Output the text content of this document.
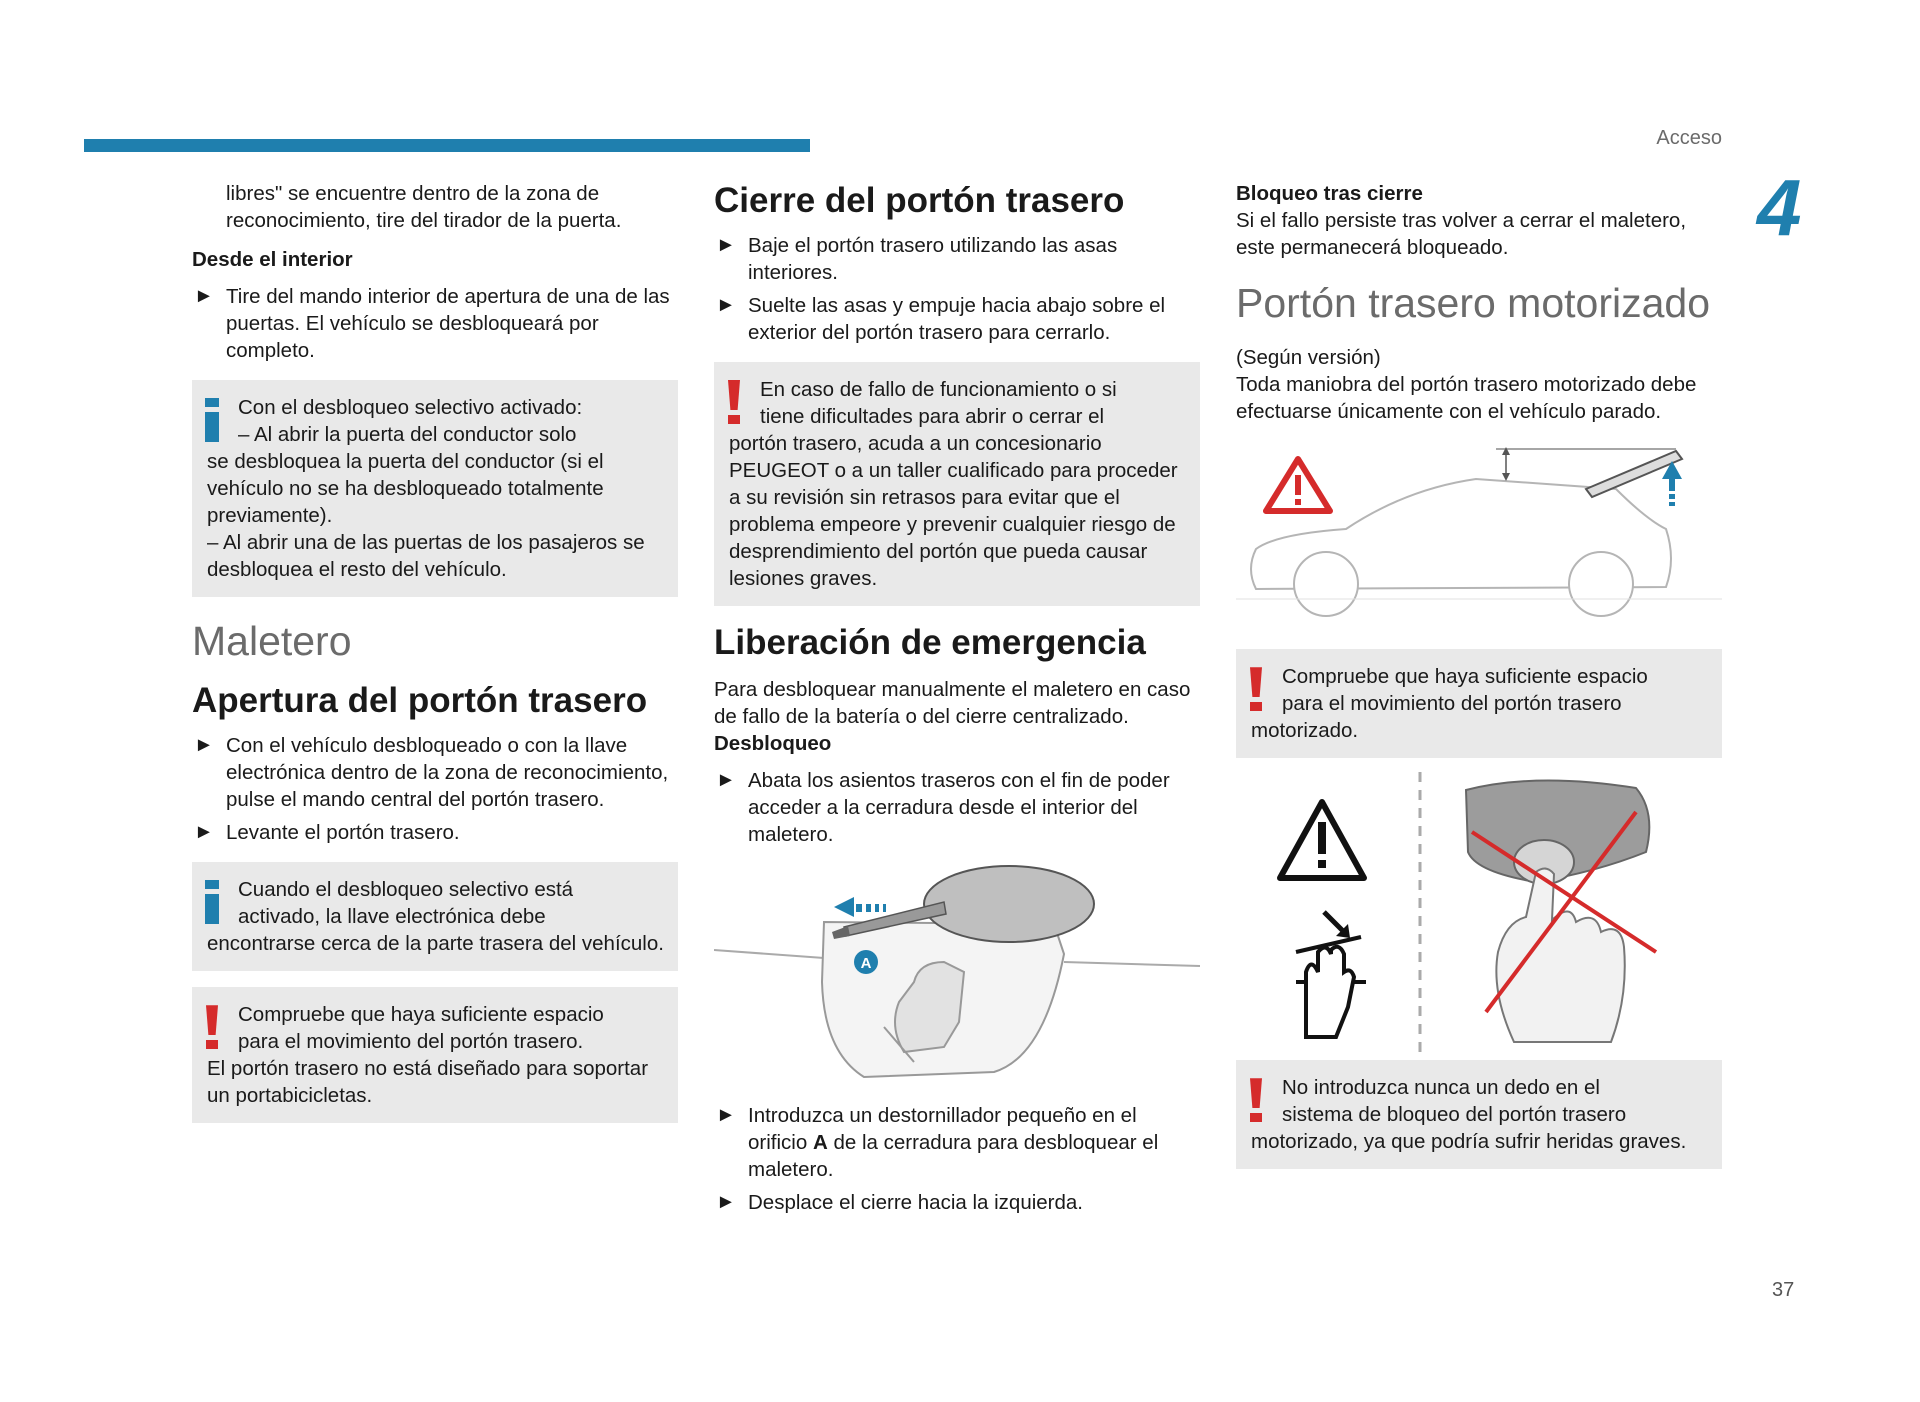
Acceso
4
37

libres" se encuentre dentro de la zona de reconocimiento, tire del tirador de la puerta.

Desde el interior
► Tire del mando interior de apertura de una de las puertas. El vehículo se desbloqueará por completo.

Con el desbloqueo selectivo activado:

– Al abrir la puerta del conductor solo

se desbloquea la puerta del conductor (si el vehículo no se ha desbloqueado totalmente previamente).

– Al abrir una de las puertas de los pasajeros se desbloquea el resto del vehículo.

Maletero
Apertura del portón trasero
► Con el vehículo desbloqueado o con la llave electrónica dentro de la zona de reconocimiento, pulse el mando central del portón trasero.
► Levante el portón trasero.

Cuando el desbloqueo selectivo está

activado, la llave electrónica debe

encontrarse cerca de la parte trasera del vehículo.

Compruebe que haya suficiente espacio

para el movimiento del portón trasero.

El portón trasero no está diseñado para soportar un portabicicletas.

Cierre del portón trasero
► Baje el portón trasero utilizando las asas interiores.
► Suelte las asas y empuje hacia abajo sobre el exterior del portón trasero para cerrarlo.

En caso de fallo de funcionamiento o si

tiene dificultades para abrir o cerrar el

portón trasero, acuda a un concesionario PEUGEOT o a un taller cualificado para proceder a su revisión sin retrasos para evitar que el problema empeore y prevenir cualquier riesgo de desprendimiento del portón que pueda causar lesiones graves.

Liberación de emergencia

Para desbloquear manualmente el maletero en caso de fallo de la batería o del cierre centralizado.

Desbloqueo
► Abata los asientos traseros con el fin de poder acceder a la cerradura desde el interior del maletero.
A
► Introduzca un destornillador pequeño en el orificio A de la cerradura para desbloquear el maletero.
► Desplace el cierre hacia la izquierda.
Bloqueo tras cierre

Si el fallo persiste tras volver a cerrar el maletero, este permanecerá bloqueado.

Portón trasero motorizado

(Según versión)

Toda maniobra del portón trasero motorizado debe efectuarse únicamente con el vehículo parado.

Compruebe que haya suficiente espacio

para el movimiento del portón trasero

motorizado.

No introduzca nunca un dedo en el

sistema de bloqueo del portón trasero

motorizado, ya que podría sufrir heridas graves.
